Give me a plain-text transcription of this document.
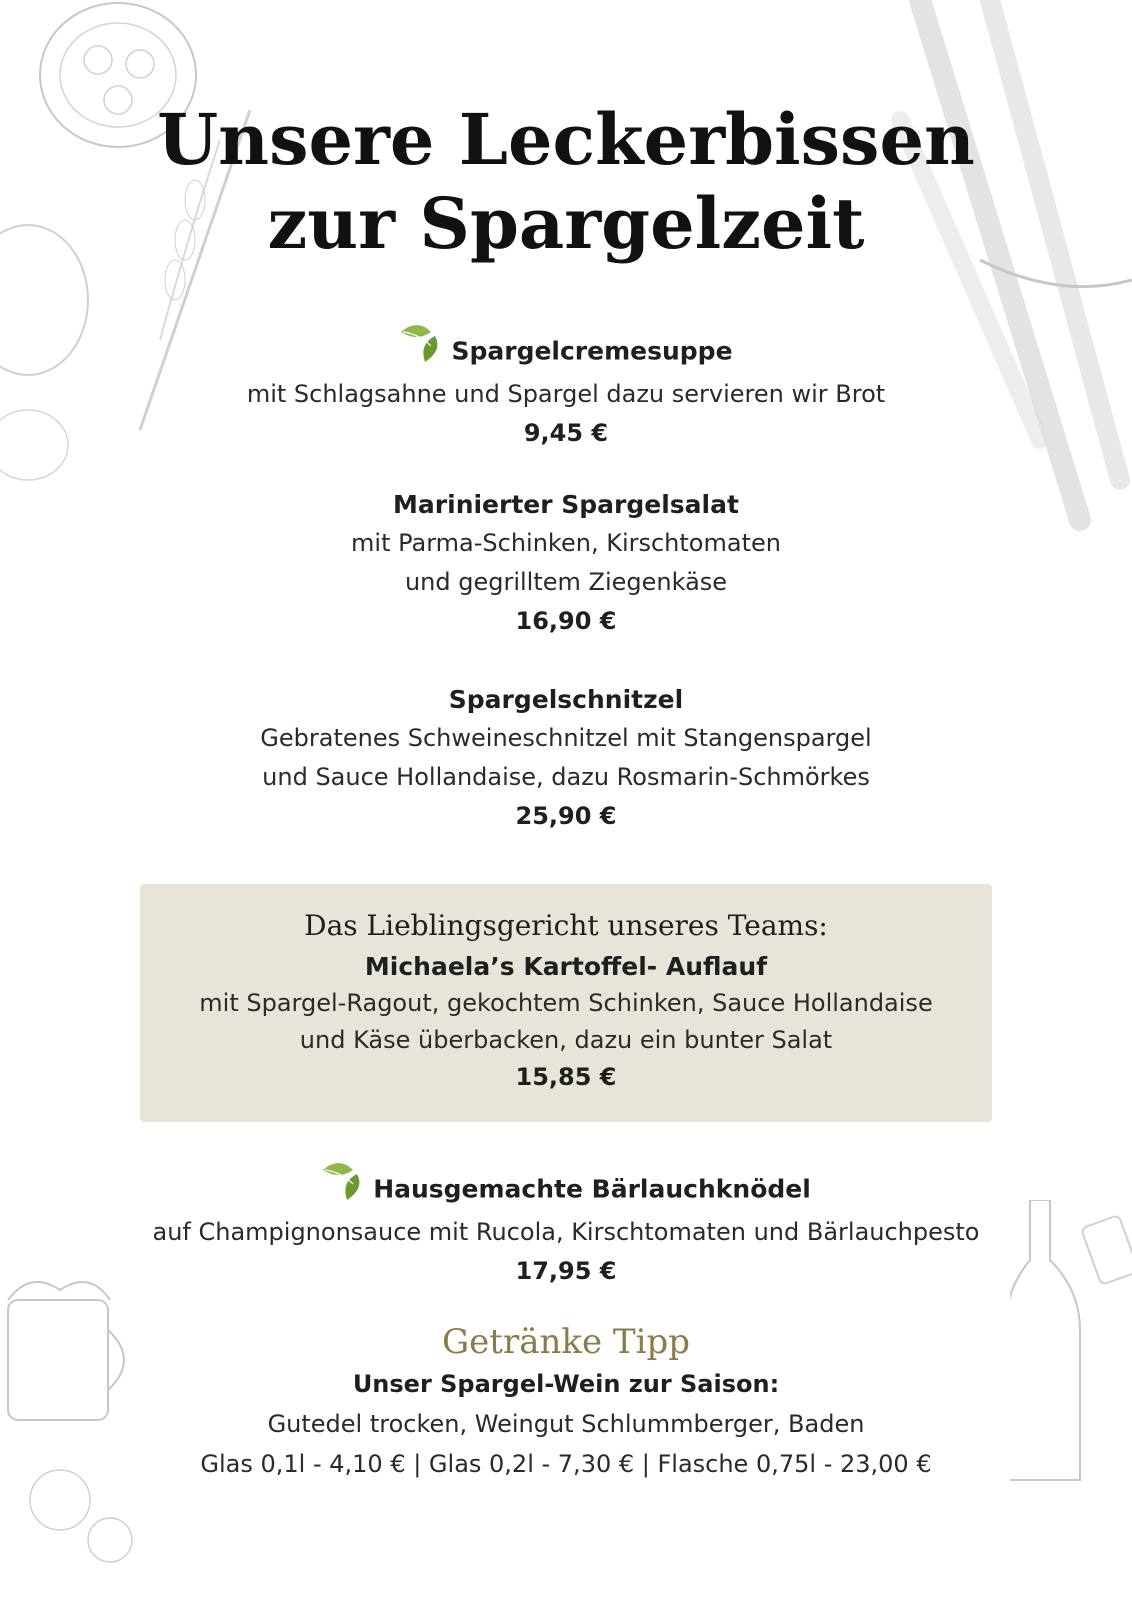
Unsere Leckerbissen
zur Spargelzeit
Spargelcremesuppe
mit Schlagsahne und Spargel dazu servieren wir Brot
9,45 €
Marinierter Spargelsalat
mit Parma-Schinken, Kirschtomaten
und gegrilltem Ziegenkäse
16,90 €
Spargelschnitzel
Gebratenes Schweineschnitzel mit Stangenspargel
und Sauce Hollandaise, dazu Rosmarin-Schmörkes
25,90 €
Das Lieblingsgericht unseres Teams:
Michaela’s Kartoffel- Auflauf
mit Spargel-Ragout, gekochtem Schinken, Sauce Hollandaise
und Käse überbacken, dazu ein bunter Salat
15,85 €
Hausgemachte Bärlauchknödel
auf Champignonsauce mit Rucola, Kirschtomaten und Bärlauchpesto
17,95 €
Getränke Tipp
Unser Spargel-Wein zur Saison:
Gutedel trocken, Weingut Schlummberger, Baden
Glas 0,1l - 4,10 € | Glas 0,2l - 7,30 € | Flasche 0,75l - 23,00 €
